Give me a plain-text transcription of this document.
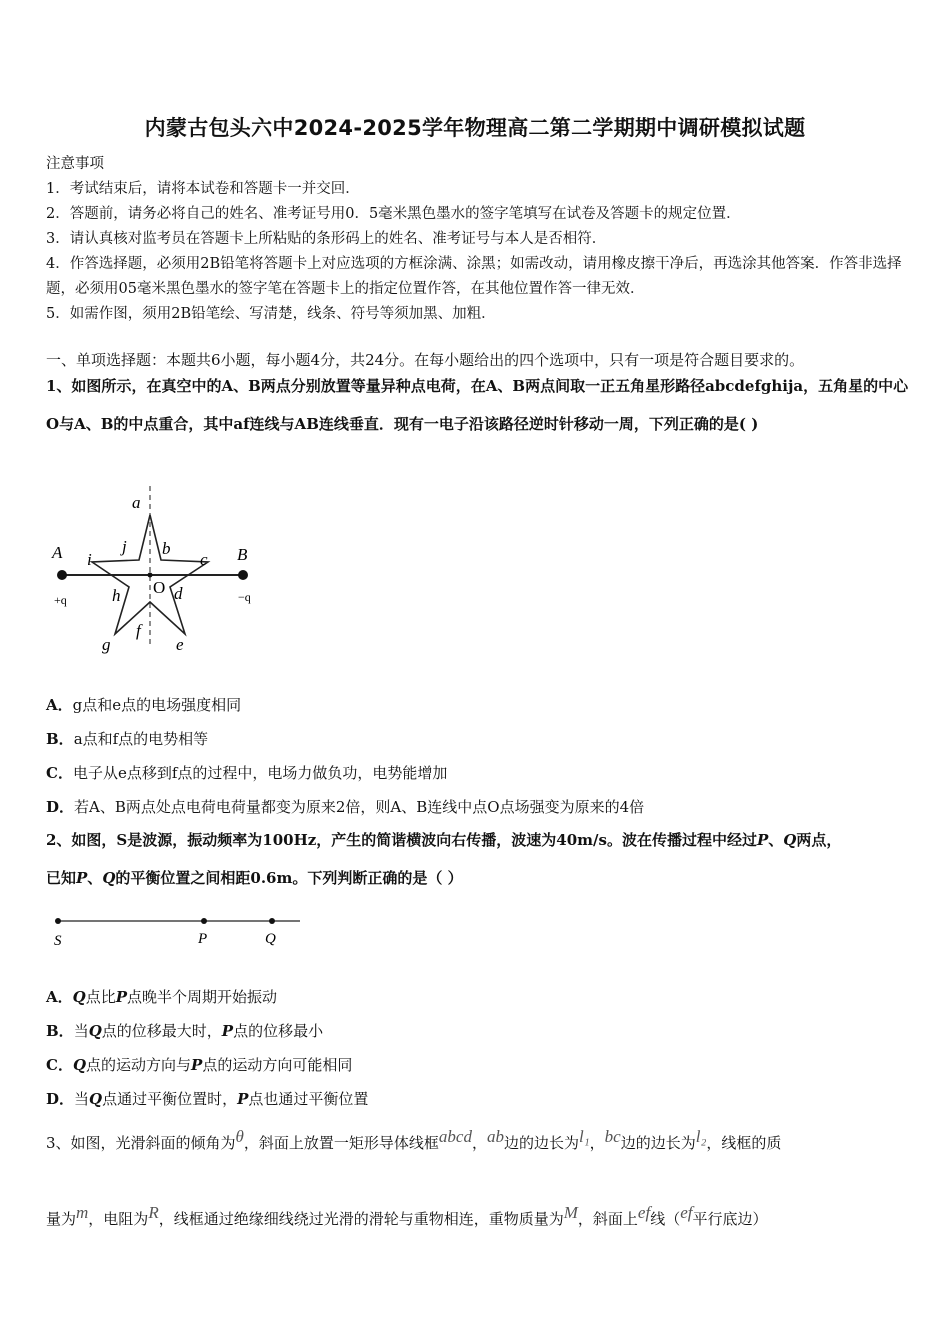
内蒙古包头六中2024-2025学年物理高二第二学期期中调研模拟试题
注意事项
1．考试结束后，请将本试卷和答题卡一并交回．
2．答题前，请务必将自己的姓名、准考证号用0．5毫米黑色墨水的签字笔填写在试卷及答题卡的规定位置．
3．请认真核对监考员在答题卡上所粘贴的条形码上的姓名、准考证号与本人是否相符．
4．作答选择题，必须用2B铅笔将答题卡上对应选项的方框涂满、涂黑；如需改动，请用橡皮擦干净后，再选涂其他答案．作答非选择题，必须用05毫米黑色墨水的签字笔在答题卡上的指定位置作答，在其他位置作答一律无效．
5．如需作图，须用2B铅笔绘、写清楚，线条、符号等须加黑、加粗．
一、单项选择题：本题共6小题，每小题4分，共24分。在每小题给出的四个选项中，只有一项是符合题目要求的。
1、如图所示，在真空中的A、B两点分别放置等量异种点电荷，在A、B两点间取一正五角星形路径abcdefghija，五角星的中心O与A、B的中点重合，其中af连线与AB连线垂直．现有一电子沿该路径逆时针移动一周，下列正确的是( )
A
+q
B
−q
a
b
c
d
e
f
g
h
i
j
O
A．g点和e点的电场强度相同
B．a点和f点的电势相等
C．电子从e点移到f点的过程中，电场力做负功，电势能增加
D．若A、B两点处点电荷电荷量都变为原来2倍，则A、B连线中点O点场强变为原来的4倍
2、如图，S是波源，振动频率为100Hz，产生的简谐横波向右传播，波速为40m/s。波在传播过程中经过P、Q两点，
已知P、Q的平衡位置之间相距0.6m。下列判断正确的是（ ）
S	P	Q
A．Q点比P点晚半个周期开始振动
B．当Q点的位移最大时，P点的位移最小
C．Q点的运动方向与P点的运动方向可能相同
D．当Q点通过平衡位置时，P点也通过平衡位置
3、如图，光滑斜面的倾角为θ，斜面上放置一矩形导体线框abcd，ab边的边长为l₁，bc边的边长为l₂，线框的质
量为m，电阻为R，线框通过绝缘细线绕过光滑的滑轮与重物相连，重物质量为M，斜面上ef线（ef平行底边）
